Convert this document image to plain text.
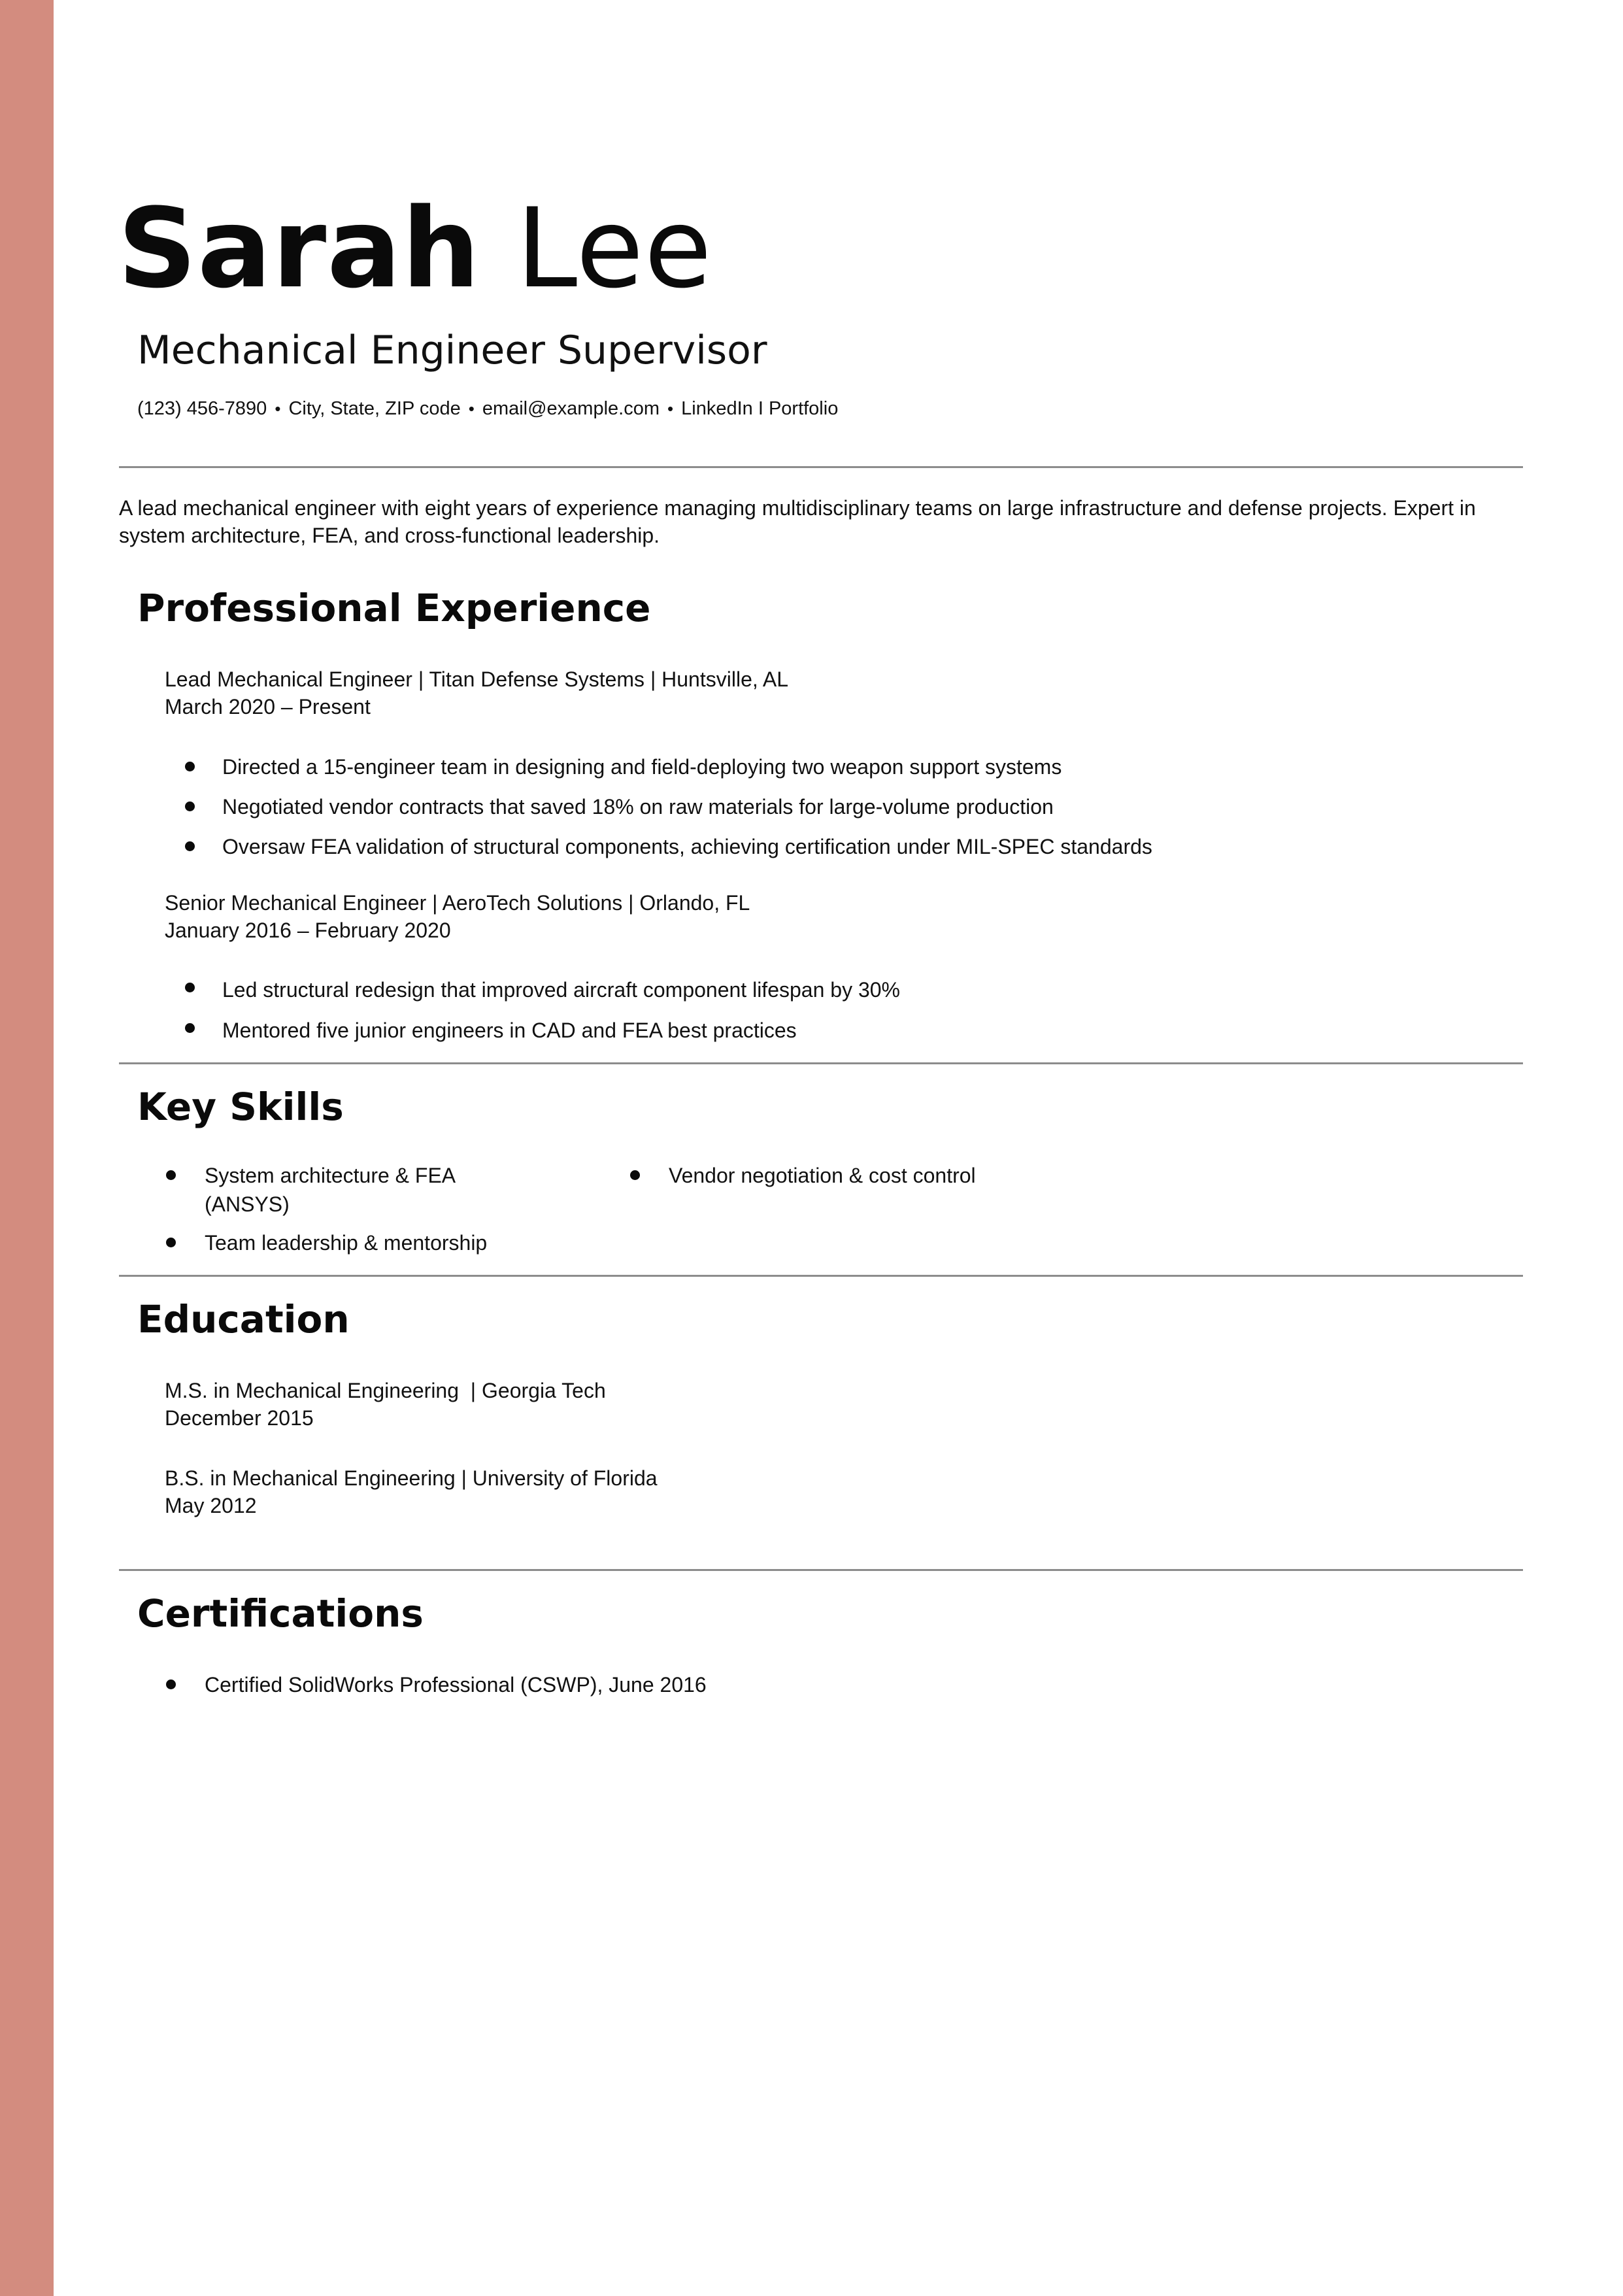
Sarah Lee
Mechanical Engineer Supervisor
(123) 456-7890 • City, State, ZIP code • email@example.com • LinkedIn I Portfolio
A lead mechanical engineer with eight years of experience managing multidisciplinary teams on large infrastructure and defense projects. Expert in system architecture, FEA, and cross-functional leadership.
Professional Experience
Lead Mechanical Engineer | Titan Defense Systems | Huntsville, AL
March 2020 – Present
Directed a 15-engineer team in designing and field-deploying two weapon support systems
Negotiated vendor contracts that saved 18% on raw materials for large-volume production
Oversaw FEA validation of structural components, achieving certification under MIL-SPEC standards
Senior Mechanical Engineer | AeroTech Solutions | Orlando, FL
January 2016 – February 2020
Led structural redesign that improved aircraft component lifespan by 30%
Mentored five junior engineers in CAD and FEA best practices
Key Skills
System architecture & FEA (ANSYS)
Vendor negotiation & cost control
Team leadership & mentorship
Education
M.S. in Mechanical Engineering  | Georgia Tech
December 2015
B.S. in Mechanical Engineering | University of Florida
May 2012
Certifications
Certified SolidWorks Professional (CSWP), June 2016
